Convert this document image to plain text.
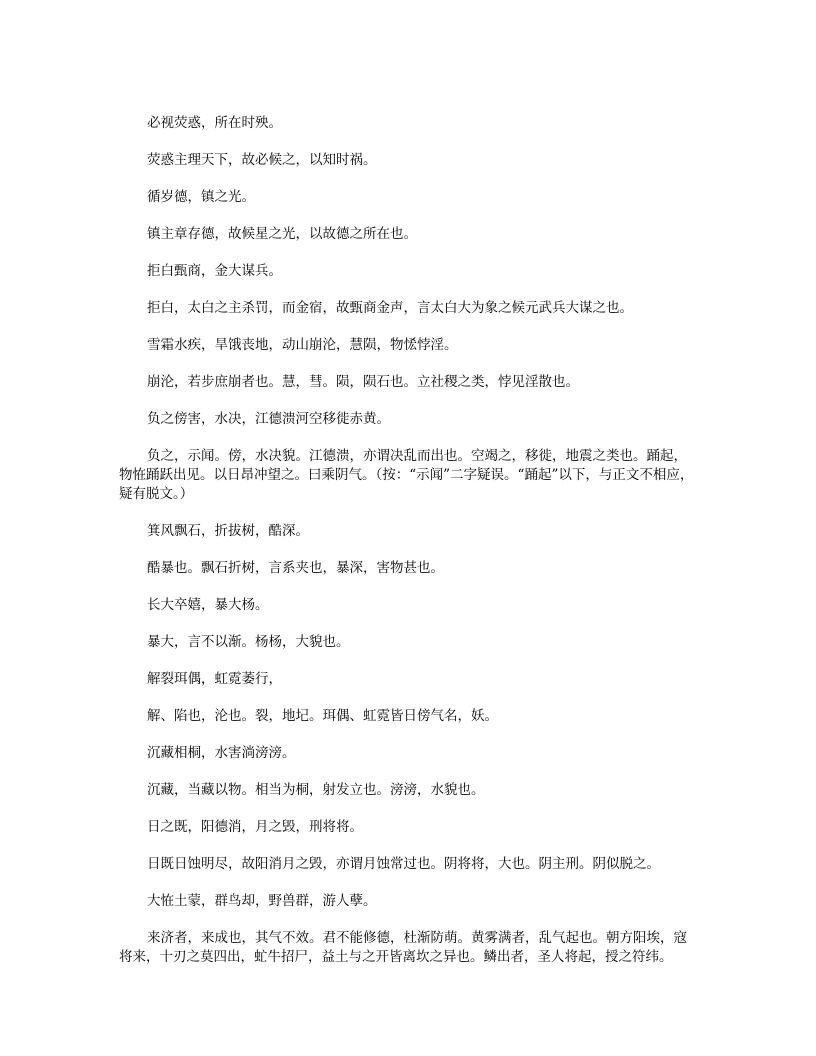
必视荧惑，所在时殃。

荧惑主理天下，故必候之，以知时祸。

循岁德，镇之光。

镇主章存德，故候星之光，以故德之所在也。

拒白甄商，金大谋兵。

拒白，太白之主杀罚，而金宿，故甄商金声，言太白大为象之候元武兵大谋之也。

雪霜水疾，旱饿丧地，动山崩沦，慧陨，物恡悖淫。

崩沦，若步庶崩者也。慧，彗。陨，陨石也。立社稷之类，悖见淫散也。

负之傍害，水决，江德溃河空移徙赤黄。

负之，示闻。傍，水决貌。江德溃，亦谓决乱而出也。空竭之，移徙，地震之类也。踊起，物恠踊跃出见。以日昂冲望之。曰乘阴气。（按：“示闻”二字疑误。“踊起”以下，与正文不相应，疑有脱文。）

箕风飘石，折拔树，酷深。

酷暴也。飘石折树，言系夹也，暴深，害物甚也。

长大卒嬉，暴大杨。

暴大，言不以渐。杨杨，大貌也。

解裂珥偶，虹霓萎行，

解、陷也，沦也。裂，地圮。珥偶、虹霓皆日傍气名，妖。

沉藏相桐，水害淌滂滂。

沉藏，当藏以物。相当为桐，射发立也。滂滂，水貌也。

日之既，阳德消，月之毁，刑将将。

日既日蚀明尽，故阳消月之毁，亦谓月蚀常过也。阴将将，大也。阴主刑。阴似脱之。

大恠土蒙，群鸟却，野兽群，游人孽。

来济者，来成也，其气不效。君不能修德，杜渐防萌。黄雾满者，乱气起也。朝方阳埃，寇将来，十刃之莫四出，虻牛招尸，益土与之开皆离坎之异也。鳞出者，圣人将起，授之符纬。
